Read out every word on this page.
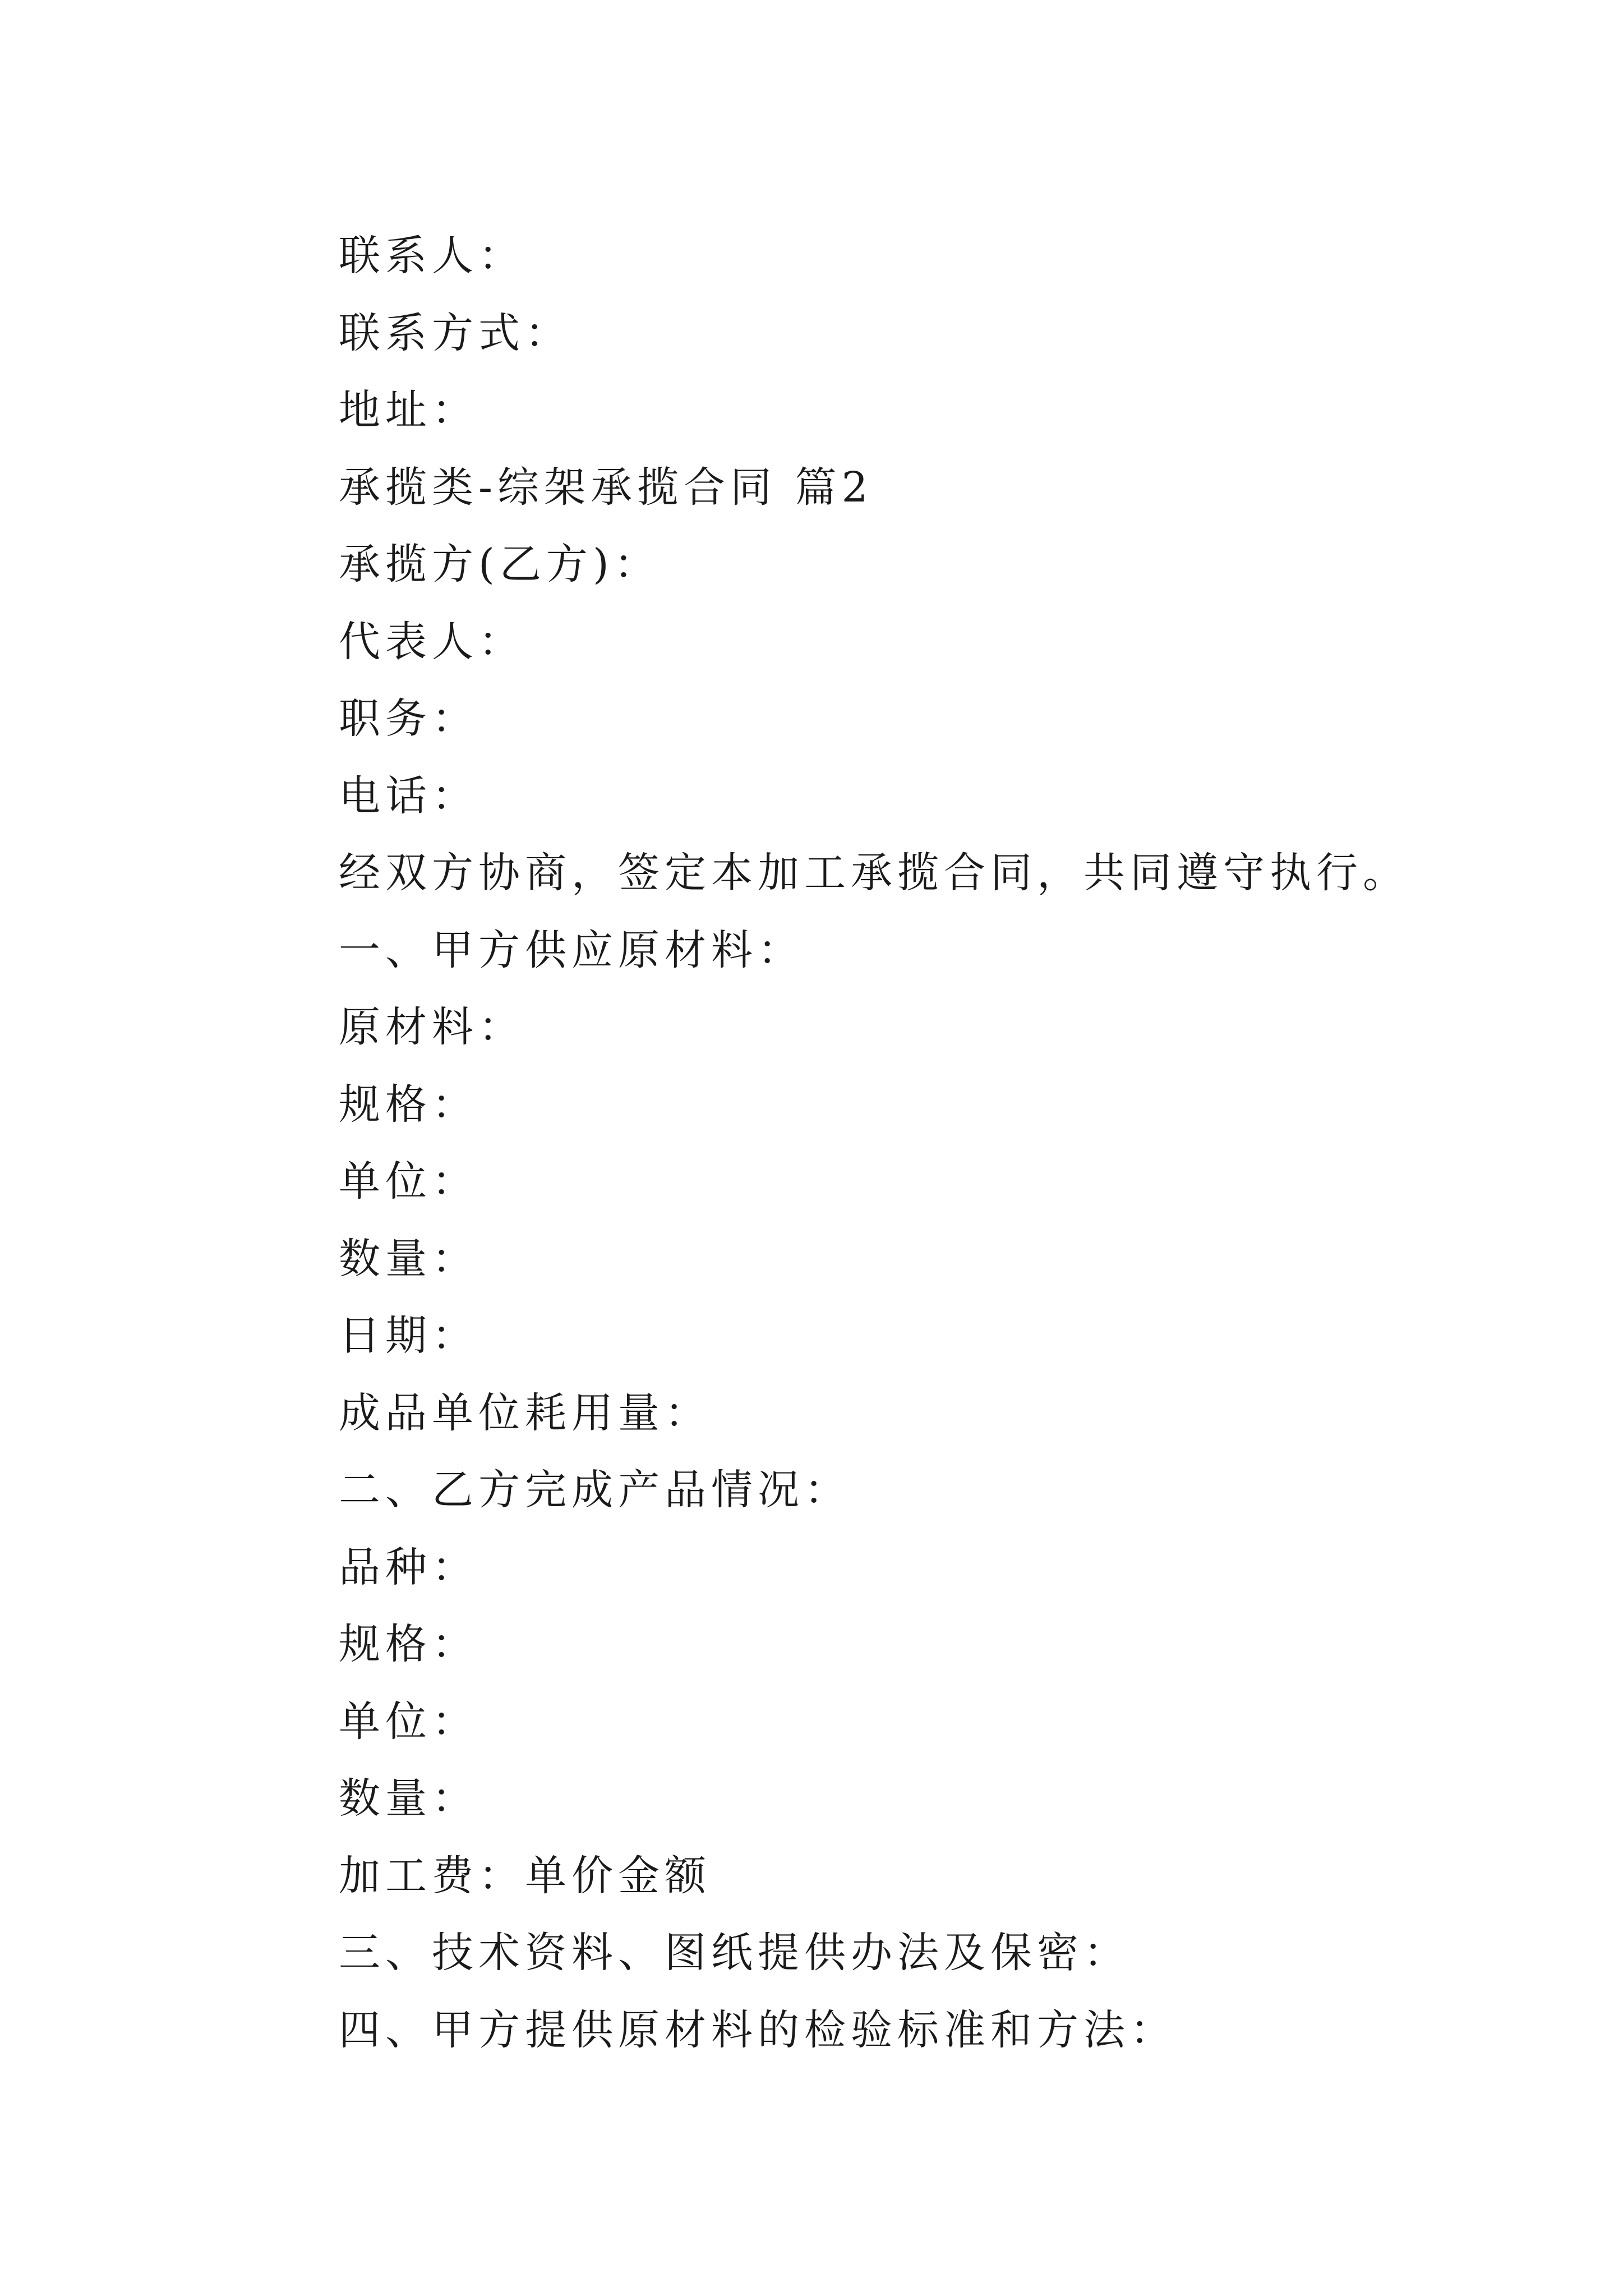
联系人：

联系方式：

地址：

承揽类-综架承揽合同 篇2

承揽方(乙方)：

代表人：

职务：

电话：

经双方协商，签定本加工承揽合同，共同遵守执行。

一、甲方供应原材料：

原材料：

规格：

单位：

数量：

日期：

成品单位耗用量：

二、乙方完成产品情况：

品种：

规格：

单位：

数量：

加工费：单价金额

三、技术资料、图纸提供办法及保密：

四、甲方提供原材料的检验标准和方法：
